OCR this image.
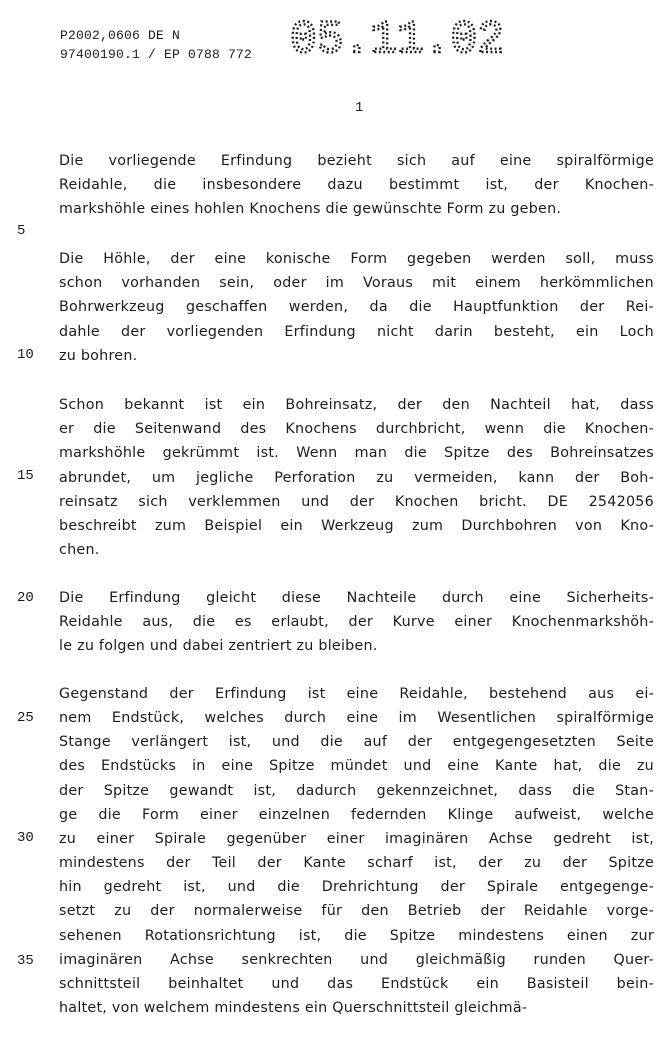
P2002,0606 DE N
97400190.1 / EP 0788 772 05.11.02
1
5
10
15
20
25
30
35
Die vorliegende Erfindung bezieht sich auf eine spiralförmige
Reidahle, die insbesondere dazu bestimmt ist, der Knochen-
markshöhle eines hohlen Knochens die gewünschte Form zu geben.
Die Höhle, der eine konische Form gegeben werden soll, muss
schon vorhanden sein, oder im Voraus mit einem herkömmlichen
Bohrwerkzeug geschaffen werden, da die Hauptfunktion der Rei-
dahle der vorliegenden Erfindung nicht darin besteht, ein Loch
zu bohren.
Schon bekannt ist ein Bohreinsatz, der den Nachteil hat, dass
er die Seitenwand des Knochens durchbricht, wenn die Knochen-
markshöhle gekrümmt ist. Wenn man die Spitze des Bohreinsatzes
abrundet, um jegliche Perforation zu vermeiden, kann der Boh-
reinsatz sich verklemmen und der Knochen bricht. DE 2542056
beschreibt zum Beispiel ein Werkzeug zum Durchbohren von Kno-
chen.
Die Erfindung gleicht diese Nachteile durch eine Sicherheits-
Reidahle aus, die es erlaubt, der Kurve einer Knochenmarkshöh-
le zu folgen und dabei zentriert zu bleiben.
Gegenstand der Erfindung ist eine Reidahle, bestehend aus ei-
nem Endstück, welches durch eine im Wesentlichen spiralförmige
Stange verlängert ist, und die auf der entgegengesetzten Seite
des Endstücks in eine Spitze mündet und eine Kante hat, die zu
der Spitze gewandt ist, dadurch gekennzeichnet, dass die Stan-
ge die Form einer einzelnen federnden Klinge aufweist, welche
zu einer Spirale gegenüber einer imaginären Achse gedreht ist,
mindestens der Teil der Kante scharf ist, der zu der Spitze
hin gedreht ist, und die Drehrichtung der Spirale entgegenge-
setzt zu der normalerweise für den Betrieb der Reidahle vorge-
sehenen Rotationsrichtung ist, die Spitze mindestens einen zur
imaginären Achse senkrechten und gleichmäßig runden Quer-
schnittsteil beinhaltet und das Endstück ein Basisteil bein-
haltet, von welchem mindestens ein Querschnittsteil gleichmä-
